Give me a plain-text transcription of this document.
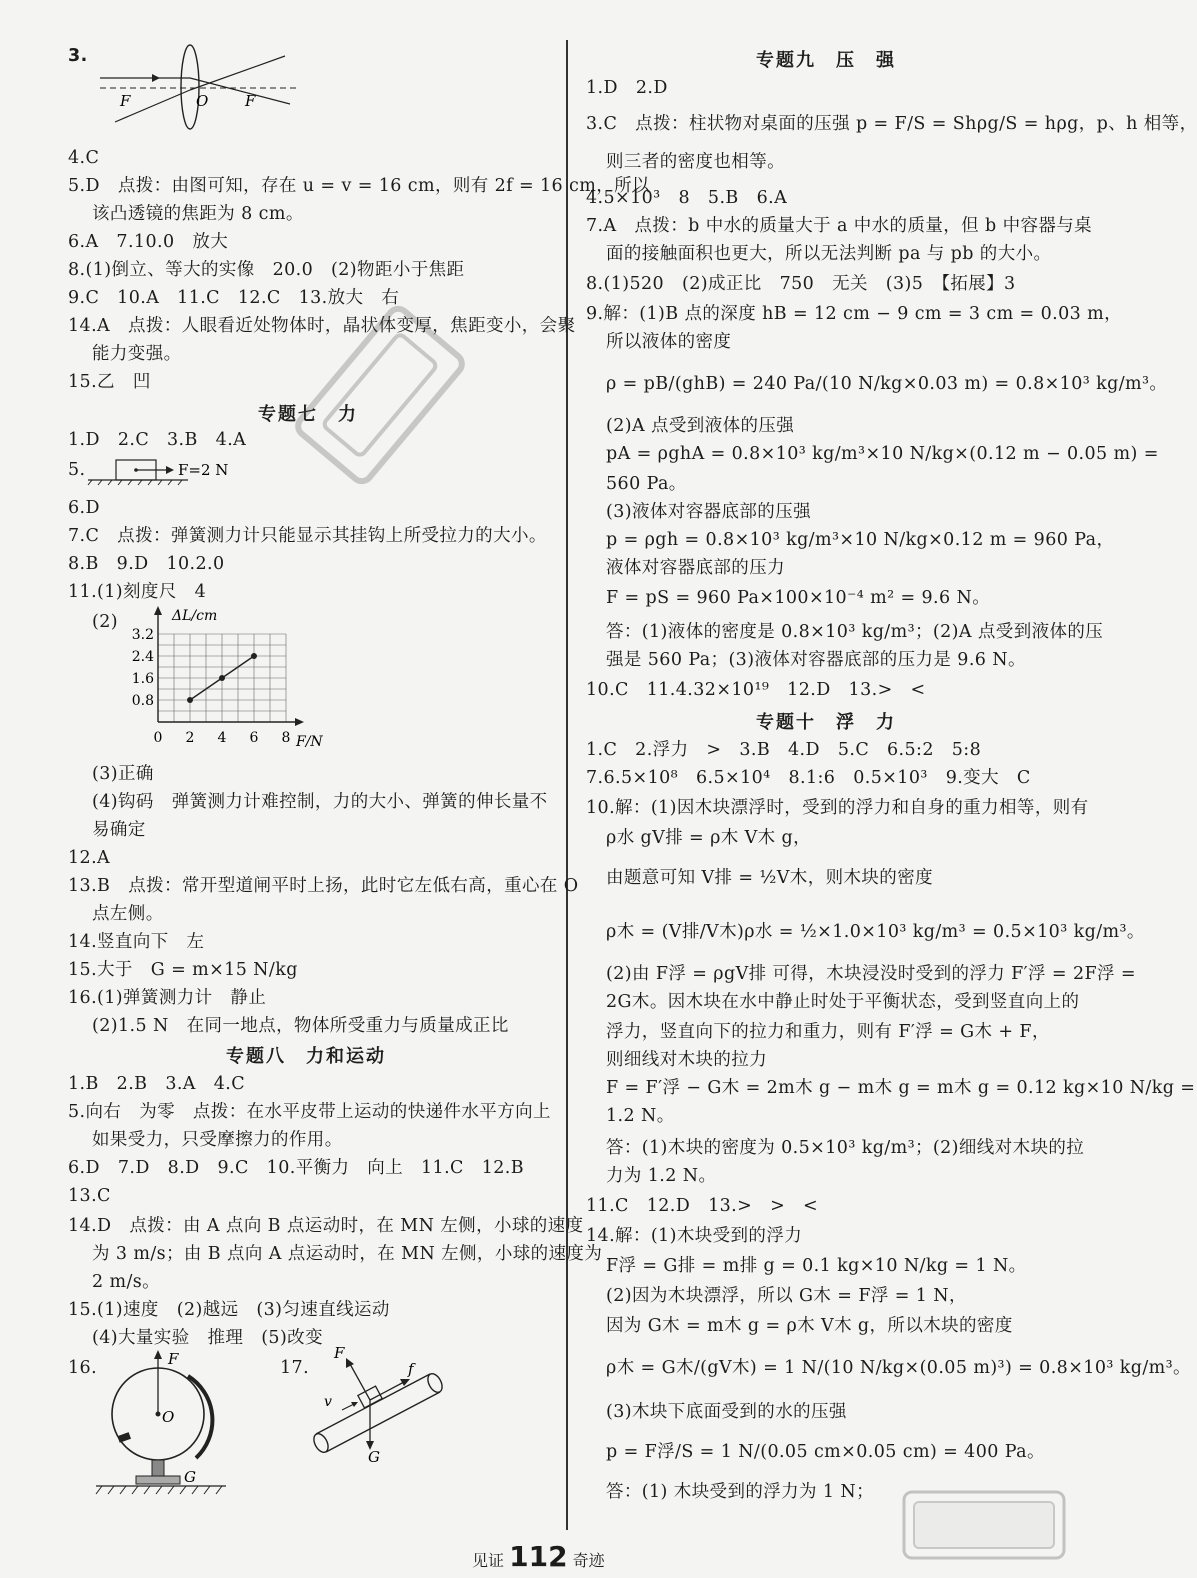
3.
F	O F
4.C
5.D　点拨：由图可知，存在 u = v = 16 cm，则有 2f = 16 cm，所以
该凸透镜的焦距为 8 cm。
6.A　7.10.0　放大
8.(1)倒立、等大的实像　20.0　(2)物距小于焦距
9.C　10.A　11.C　12.C　13.放大　右
14.A　点拨：人眼看近处物体时，晶状体变厚，焦距变小，会聚
能力变强。
15.乙　凹
专题七　力
1.D　2.C　3.B　4.A
5.	F=2 N
6.D
7.C　点拨：弹簧测力计只能显示其挂钩上所受拉力的大小。
8.B　9.D　10.2.0
11.(1)刻度尺　4
(2)
3.2
2.4
1.6
0.8
0 2 4 6 8
ΔL/cm
F/N
(3)正确
(4)钩码　弹簧测力计难控制，力的大小、弹簧的伸长量不
易确定
12.A
13.B　点拨：常开型道闸平时上扬，此时它左低右高，重心在 O
点左侧。
14.竖直向下　左
15.大于　G = m×15 N/kg
16.(1)弹簧测力计　静止
(2)1.5 N　在同一地点，物体所受重力与质量成正比
专题八　力和运动
1.B　2.B　3.A　4.C
5.向右　为零　点拨：在水平皮带上运动的快递件水平方向上
如果受力，只受摩擦力的作用。
6.D　7.D　8.D　9.C　10.平衡力　向上　11.C　12.B
13.C
14.D　点拨：由 A 点向 B 点运动时，在 MN 左侧，小球的速度
为 3 m/s；由 B 点向 A 点运动时，在 MN 左侧，小球的速度为
2 m/s。
15.(1)速度　(2)越远　(3)匀速直线运动
(4)大量实验　推理　(5)改变
16.	F
O
G
17.
F
f
v
G
专题九　压　强
1.D　2.D
3.C　点拨：柱状物对桌面的压强 p = F/S = Shρg/S = hρg，p、h 相等，
则三者的密度也相等。
4.5×10³　8　5.B　6.A
7.A　点拨：b 中水的质量大于 a 中水的质量，但 b 中容器与桌
面的接触面积也更大，所以无法判断 pa 与 pb 的大小。
8.(1)520　(2)成正比　750　无关　(3)5　【拓展】3
9.解：(1)B 点的深度 hB = 12 cm − 9 cm = 3 cm = 0.03 m，
所以液体的密度
ρ = pB/(ghB) = 240 Pa/(10 N/kg×0.03 m) = 0.8×10³ kg/m³。
(2)A 点受到液体的压强
pA = ρghA = 0.8×10³ kg/m³×10 N/kg×(0.12 m − 0.05 m) =
560 Pa。
(3)液体对容器底部的压强
p = ρgh = 0.8×10³ kg/m³×10 N/kg×0.12 m = 960 Pa，
液体对容器底部的压力
F = pS = 960 Pa×100×10⁻⁴ m² = 9.6 N。
答：(1)液体的密度是 0.8×10³ kg/m³；(2)A 点受到液体的压
强是 560 Pa；(3)液体对容器底部的压力是 9.6 N。
10.C　11.4.32×10¹⁹　12.D　13.>　<
专题十　浮　力
1.C　2.浮力　>　3.B　4.D　5.C　6.5:2　5:8
7.6.5×10⁸　6.5×10⁴　8.1:6　0.5×10³　9.变大　C
10.解：(1)因木块漂浮时，受到的浮力和自身的重力相等，则有
ρ水 gV排 = ρ木 V木 g，
由题意可知 V排 = ½V木，则木块的密度
ρ木 = (V排/V木)ρ水 = ½×1.0×10³ kg/m³ = 0.5×10³ kg/m³。
(2)由 F浮 = ρgV排 可得，木块浸没时受到的浮力 F′浮 = 2F浮 =
2G木。因木块在水中静止时处于平衡状态，受到竖直向上的
浮力，竖直向下的拉力和重力，则有 F′浮 = G木 + F，
则细线对木块的拉力
F = F′浮 − G木 = 2m木 g − m木 g = m木 g = 0.12 kg×10 N/kg =
1.2 N。
答：(1)木块的密度为 0.5×10³ kg/m³；(2)细线对木块的拉
力为 1.2 N。
11.C　12.D　13.>　>　<
14.解：(1)木块受到的浮力
F浮 = G排 = m排 g = 0.1 kg×10 N/kg = 1 N。
(2)因为木块漂浮，所以 G木 = F浮 = 1 N，
因为 G木 = m木 g = ρ木 V木 g，所以木块的密度
ρ木 = G木/(gV木) = 1 N/(10 N/kg×(0.05 m)³) = 0.8×10³ kg/m³。
(3)木块下底面受到的水的压强
p = F浮/S = 1 N/(0.05 cm×0.05 cm) = 400 Pa。
答：(1) 木块受到的浮力为 1 N；
见证 112 奇迹
